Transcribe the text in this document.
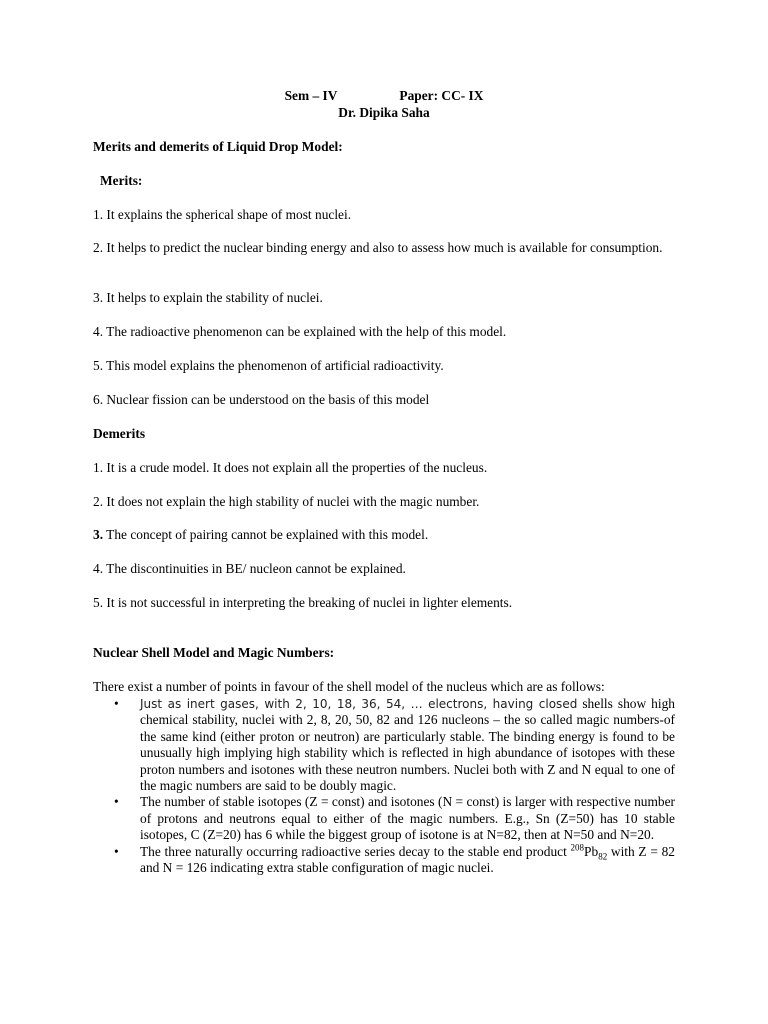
Sem – IV	Paper: CC- IX

Dr. Dipika Saha

Merits and demerits of Liquid Drop Model:

Merits:

1. It explains the spherical shape of most nuclei.

2. It helps to predict the nuclear binding energy and also to assess how much is available for consumption.

3. It helps to explain the stability of nuclei.

4. The radioactive phenomenon can be explained with the help of this model.

5. This model explains the phenomenon of artificial radioactivity.

6. Nuclear fission can be understood on the basis of this model

Demerits

1. It is a crude model. It does not explain all the properties of the nucleus.

2. It does not explain the high stability of nuclei with the magic number.

3. The concept of pairing cannot be explained with this model.

4. The discontinuities in BE/ nucleon cannot be explained.

5. It is not successful in interpreting the breaking of nuclei in lighter elements.

Nuclear Shell Model and Magic Numbers:

There exist a number of points in favour of the shell model of the nucleus which are as follows:

• Just as inert gases, with 2, 10, 18, 36, 54, … electrons, having closed shells show high chemical stability, nuclei with 2, 8, 20, 50, 82 and 126 nucleons – the so called magic numbers-of the same kind (either proton or neutron) are particularly stable. The binding energy is found to be unusually high implying high stability which is reflected in high abundance of isotopes with these proton numbers and isotones with these neutron numbers. Nuclei both with Z and N equal to one of the magic numbers are said to be doubly magic.
• The number of stable isotopes (Z = const) and isotones (N = const) is larger with respective number of protons and neutrons equal to either of the magic numbers. E.g., Sn (Z=50) has 10 stable isotopes, C (Z=20) has 6 while the biggest group of isotone is at N=82, then at N=50 and N=20.
• The three naturally occurring radioactive series decay to the stable end product $^{208}Pb_{82}$ with Z = 82 and N = 126 indicating extra stable configuration of magic nuclei.
